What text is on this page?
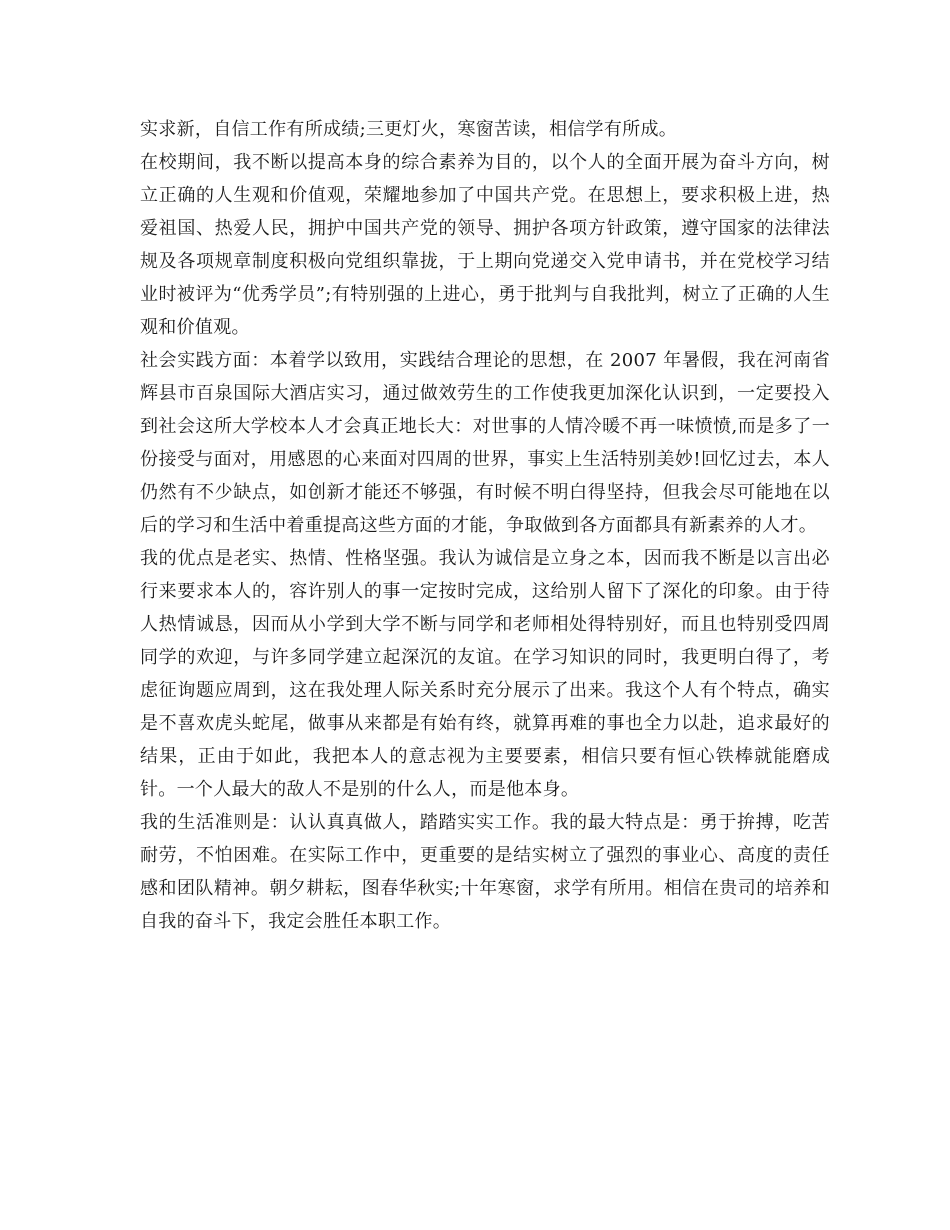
实求新，自信工作有所成绩;三更灯火，寒窗苦读，相信学有所成。

在校期间，我不断以提高本身的综合素养为目的，以个人的全面开展为奋斗方向，树立正确的人生观和价值观，荣耀地参加了中国共产党。在思想上，要求积极上进，热爱祖国、热爱人民，拥护中国共产党的领导、拥护各项方针政策，遵守国家的法律法规及各项规章制度积极向党组织靠拢，于上期向党递交入党申请书，并在党校学习结业时被评为“优秀学员”;有特别强的上进心，勇于批判与自我批判，树立了正确的人生观和价值观。

社会实践方面：本着学以致用，实践结合理论的思想，在 2007 年暑假，我在河南省辉县市百泉国际大酒店实习，通过做效劳生的工作使我更加深化认识到，一定要投入到社会这所大学校本人才会真正地长大：对世事的人情冷暖不再一味愤愤,而是多了一份接受与面对，用感恩的心来面对四周的世界，事实上生活特别美妙!回忆过去，本人仍然有不少缺点，如创新才能还不够强，有时候不明白得坚持，但我会尽可能地在以后的学习和生活中着重提高这些方面的才能，争取做到各方面都具有新素养的人才。

我的优点是老实、热情、性格坚强。我认为诚信是立身之本，因而我不断是以言出必行来要求本人的，容许别人的事一定按时完成，这给别人留下了深化的印象。由于待人热情诚恳，因而从小学到大学不断与同学和老师相处得特别好，而且也特别受四周同学的欢迎，与许多同学建立起深沉的友谊。在学习知识的同时，我更明白得了，考虑征询题应周到，这在我处理人际关系时充分展示了出来。我这个人有个特点，确实是不喜欢虎头蛇尾，做事从来都是有始有终，就算再难的事也全力以赴，追求最好的结果，正由于如此，我把本人的意志视为主要要素，相信只要有恒心铁棒就能磨成针。一个人最大的敌人不是别的什么人，而是他本身。

我的生活准则是：认认真真做人，踏踏实实工作。我的最大特点是：勇于拚搏，吃苦耐劳，不怕困难。在实际工作中，更重要的是结实树立了强烈的事业心、高度的责任感和团队精神。朝夕耕耘，图春华秋实;十年寒窗，求学有所用。相信在贵司的培养和自我的奋斗下，我定会胜任本职工作。
